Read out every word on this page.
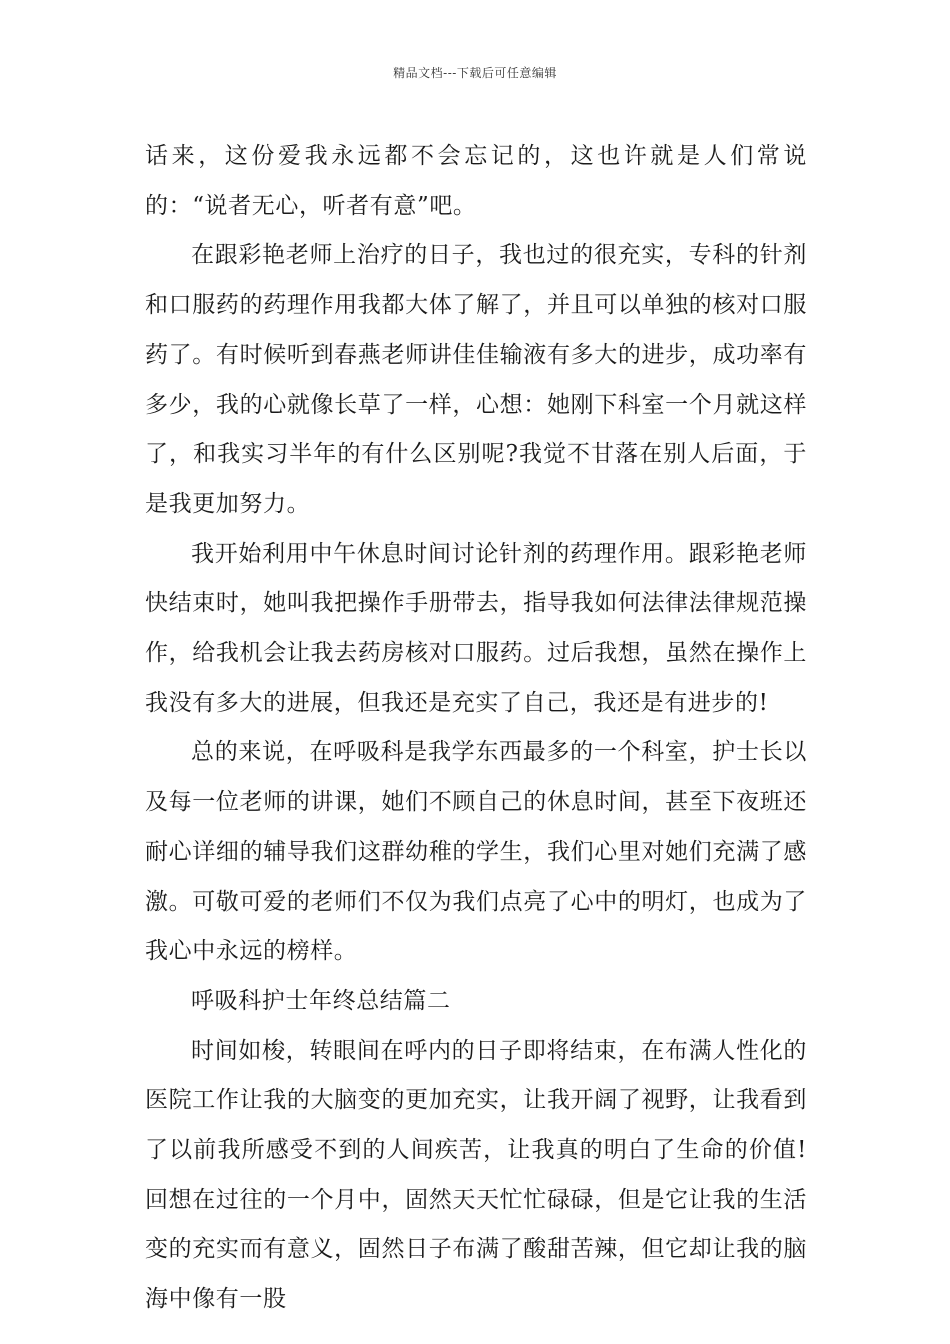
精品文档---下载后可任意编辑

话来，这份爱我永远都不会忘记的，这也许就是人们常说的：“说者无心，听者有意”吧。

在跟彩艳老师上治疗的日子，我也过的很充实，专科的针剂和口服药的药理作用我都大体了解了，并且可以单独的核对口服药了。有时候听到春燕老师讲佳佳输液有多大的进步，成功率有多少，我的心就像长草了一样，心想：她刚下科室一个月就这样了，和我实习半年的有什么区别呢?我觉不甘落在别人后面，于是我更加努力。

我开始利用中午休息时间讨论针剂的药理作用。跟彩艳老师快结束时，她叫我把操作手册带去，指导我如何法律法律规范操作，给我机会让我去药房核对口服药。过后我想，虽然在操作上我没有多大的进展，但我还是充实了自己，我还是有进步的!

总的来说，在呼吸科是我学东西最多的一个科室，护士长以及每一位老师的讲课，她们不顾自己的休息时间，甚至下夜班还耐心详细的辅导我们这群幼稚的学生，我们心里对她们充满了感激。可敬可爱的老师们不仅为我们点亮了心中的明灯，也成为了我心中永远的榜样。

呼吸科护士年终总结篇二

时间如梭，转眼间在呼内的日子即将结束，在布满人性化的医院工作让我的大脑变的更加充实，让我开阔了视野，让我看到了以前我所感受不到的人间疾苦，让我真的明白了生命的价值!回想在过往的一个月中，固然天天忙忙碌碌，但是它让我的生活变的充实而有意义，固然日子布满了酸甜苦辣，但它却让我的脑海中像有一股
